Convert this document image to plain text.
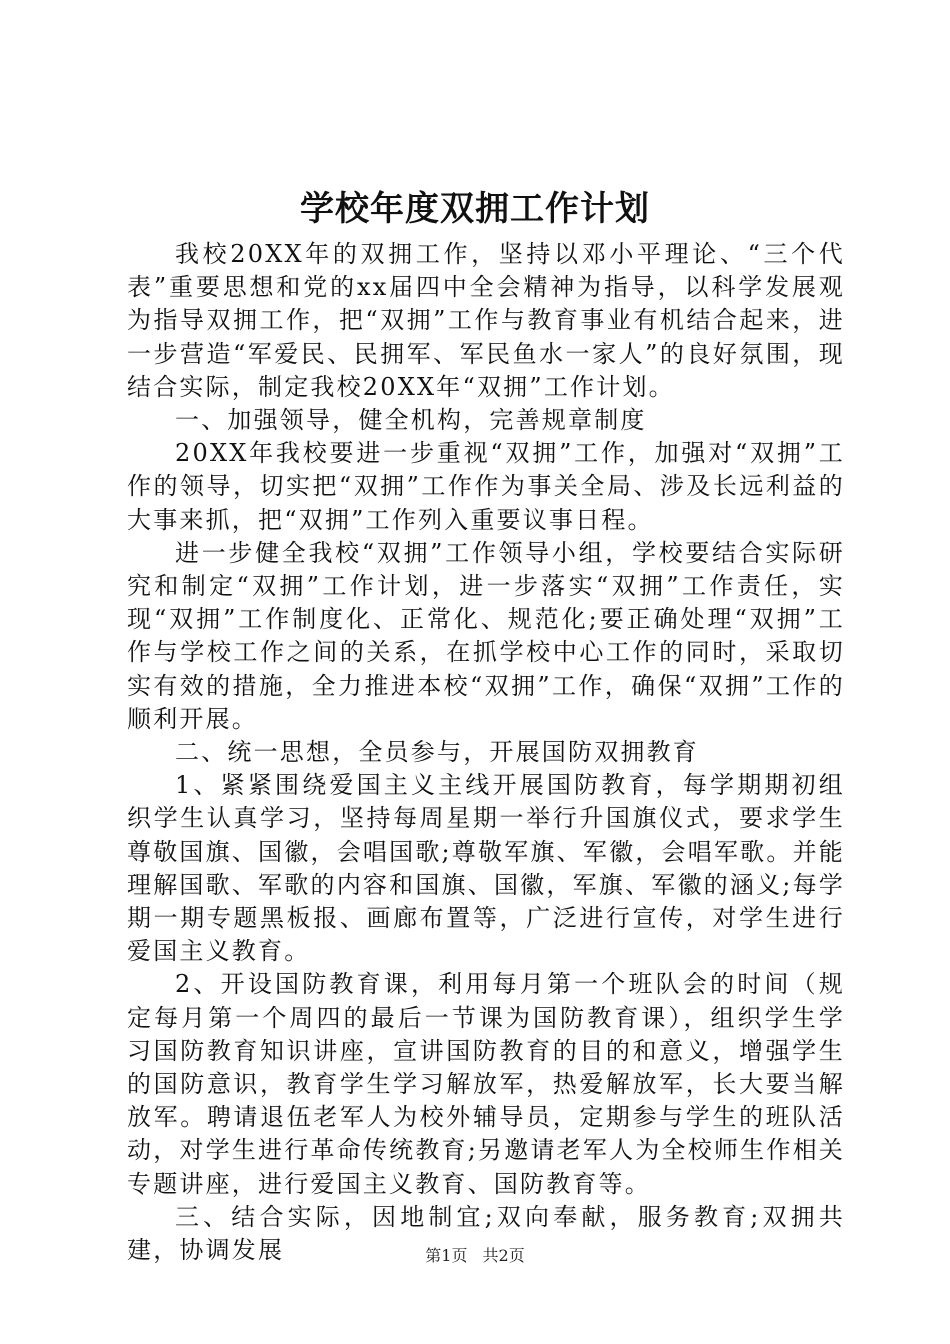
学校年度双拥工作计划

我校20XX年的双拥工作，坚持以邓小平理论、“三个代表”重要思想和党的xx届四中全会精神为指导，以科学发展观为指导双拥工作，把“双拥”工作与教育事业有机结合起来，进一步营造“军爱民、民拥军、军民鱼水一家人”的良好氛围，现结合实际，制定我校20XX年“双拥”工作计划。

一、加强领导，健全机构，完善规章制度

20XX年我校要进一步重视“双拥”工作，加强对“双拥”工作的领导，切实把“双拥”工作作为事关全局、涉及长远利益的大事来抓，把“双拥”工作列入重要议事日程。

进一步健全我校“双拥”工作领导小组，学校要结合实际研究和制定“双拥”工作计划，进一步落实“双拥”工作责任，实现“双拥”工作制度化、正常化、规范化;要正确处理“双拥”工作与学校工作之间的关系，在抓学校中心工作的同时，采取切实有效的措施，全力推进本校“双拥”工作，确保“双拥”工作的顺利开展。

二、统一思想，全员参与，开展国防双拥教育

1、紧紧围绕爱国主义主线开展国防教育，每学期期初组织学生认真学习，坚持每周星期一举行升国旗仪式，要求学生尊敬国旗、国徽，会唱国歌;尊敬军旗、军徽，会唱军歌。并能理解国歌、军歌的内容和国旗、国徽，军旗、军徽的涵义;每学期一期专题黑板报、画廊布置等，广泛进行宣传，对学生进行爱国主义教育。

2、开设国防教育课，利用每月第一个班队会的时间（规定每月第一个周四的最后一节课为国防教育课），组织学生学习国防教育知识讲座，宣讲国防教育的目的和意义，增强学生的国防意识，教育学生学习解放军，热爱解放军，长大要当解放军。聘请退伍老军人为校外辅导员，定期参与学生的班队活动，对学生进行革命传统教育;另邀请老军人为全校师生作相关专题讲座，进行爱国主义教育、国防教育等。

三、结合实际，因地制宜;双向奉献，服务教育;双拥共建，协调发展	第1页 共2页
